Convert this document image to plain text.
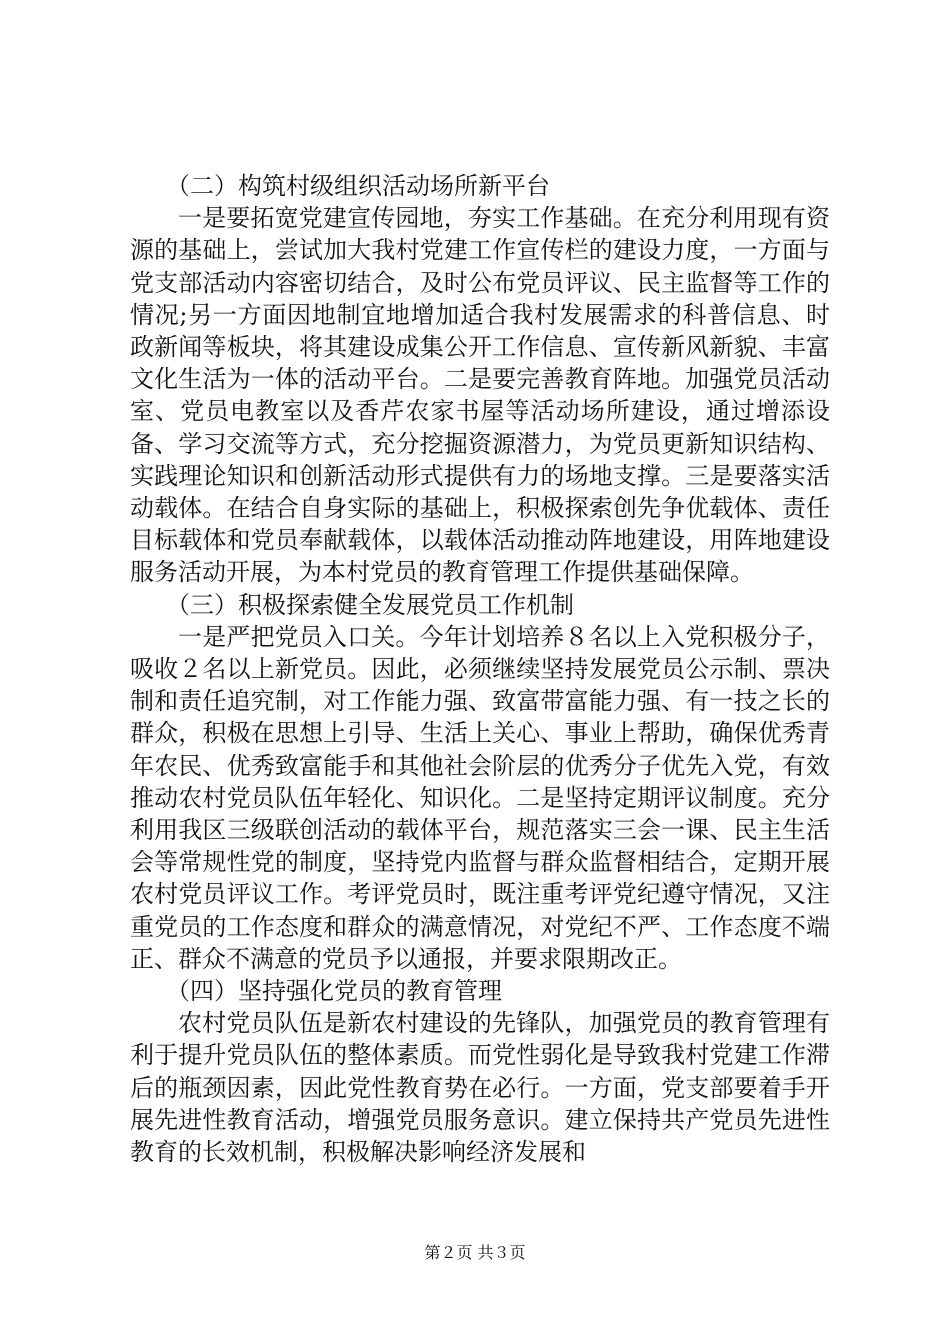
（二）构筑村级组织活动场所新平台

一是要拓宽党建宣传园地，夯实工作基础。在充分利用现有资源的基础上，尝试加大我村党建工作宣传栏的建设力度，一方面与党支部活动内容密切结合，及时公布党员评议、民主监督等工作的情况;另一方面因地制宜地增加适合我村发展需求的科普信息、时政新闻等板块，将其建设成集公开工作信息、宣传新风新貌、丰富文化生活为一体的活动平台。二是要完善教育阵地。加强党员活动室、党员电教室以及香芹农家书屋等活动场所建设，通过增添设备、学习交流等方式，充分挖掘资源潜力，为党员更新知识结构、实践理论知识和创新活动形式提供有力的场地支撑。三是要落实活动载体。在结合自身实际的基础上，积极探索创先争优载体、责任目标载体和党员奉献载体，以载体活动推动阵地建设，用阵地建设服务活动开展，为本村党员的教育管理工作提供基础保障。

（三）积极探索健全发展党员工作机制

一是严把党员入口关。今年计划培养８名以上入党积极分子，吸收２名以上新党员。因此，必须继续坚持发展党员公示制、票决制和责任追究制，对工作能力强、致富带富能力强、有一技之长的群众，积极在思想上引导、生活上关心、事业上帮助，确保优秀青年农民、优秀致富能手和其他社会阶层的优秀分子优先入党，有效推动农村党员队伍年轻化、知识化。二是坚持定期评议制度。充分利用我区三级联创活动的载体平台，规范落实三会一课、民主生活会等常规性党的制度，坚持党内监督与群众监督相结合，定期开展农村党员评议工作。考评党员时，既注重考评党纪遵守情况，又注重党员的工作态度和群众的满意情况，对党纪不严、工作态度不端正、群众不满意的党员予以通报，并要求限期改正。

（四）坚持强化党员的教育管理

农村党员队伍是新农村建设的先锋队，加强党员的教育管理有利于提升党员队伍的整体素质。而党性弱化是导致我村党建工作滞后的瓶颈因素，因此党性教育势在必行。一方面，党支部要着手开展先进性教育活动，增强党员服务意识。建立保持共产党员先进性教育的长效机制，积极解决影响经济发展和

第２页 共３页
